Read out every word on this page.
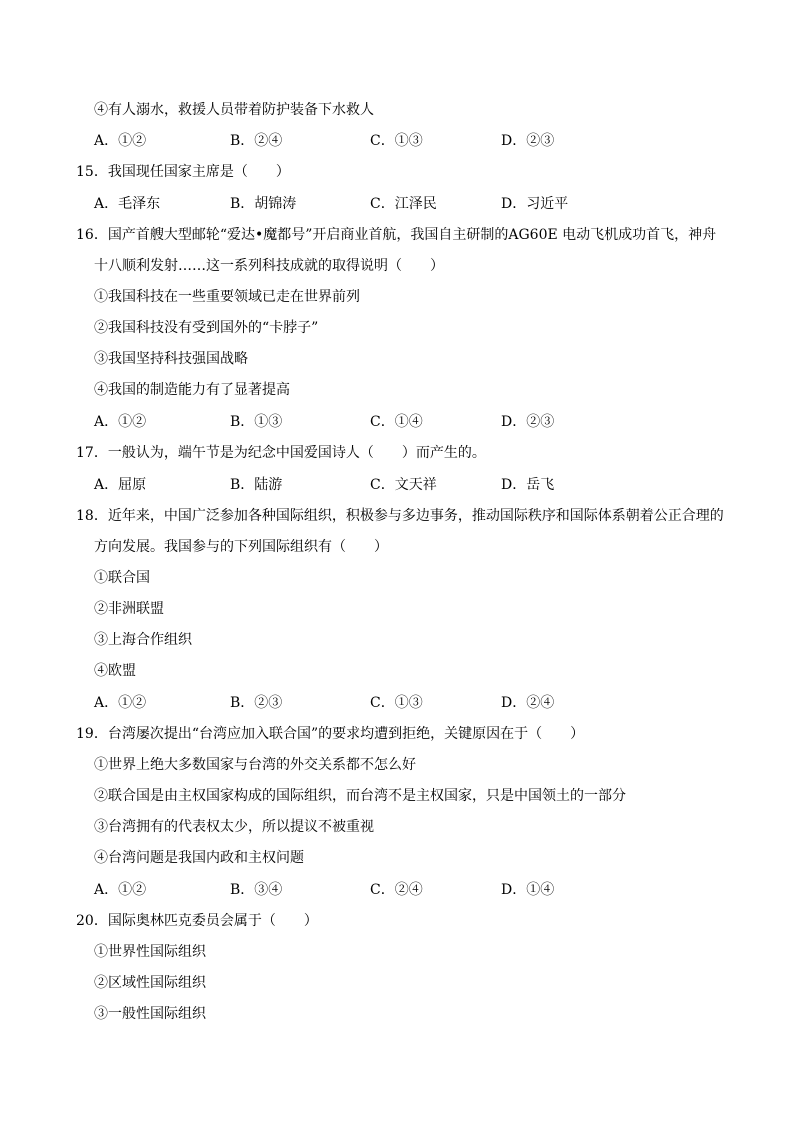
④有人溺水，救援人员带着防护装备下水救人
A．①②	B．②④	C．①③	D．②③
15．我国现任国家主席是（　　）
A．毛泽东	B．胡锦涛	C．江泽民	D．习近平
16．国产首艘大型邮轮“爱达•魔都号”开启商业首航，我国自主研制的AG60E 电动飞机成功首飞，神舟
十八顺利发射……这一系列科技成就的取得说明（　　）
①我国科技在一些重要领域已走在世界前列
②我国科技没有受到国外的“卡脖子”
③我国坚持科技强国战略
④我国的制造能力有了显著提高
A．①②	B．①③	C．①④	D．②③
17．一般认为，端午节是为纪念中国爱国诗人（　　）而产生的。
A．屈原	B．陆游	C．文天祥	D．岳飞
18．近年来，中国广泛参加各种国际组织，积极参与多边事务，推动国际秩序和国际体系朝着公正合理的
方向发展。我国参与的下列国际组织有（　　）
①联合国
②非洲联盟
③上海合作组织
④欧盟
A．①②	B．②③	C．①③	D．②④
19．台湾屡次提出“台湾应加入联合国”的要求均遭到拒绝，关键原因在于（　　）
①世界上绝大多数国家与台湾的外交关系都不怎么好
②联合国是由主权国家构成的国际组织，而台湾不是主权国家，只是中国领土的一部分
③台湾拥有的代表权太少，所以提议不被重视
④台湾问题是我国内政和主权问题
A．①②	B．③④	C．②④	D．①④
20．国际奥林匹克委员会属于（　　）
①世界性国际组织
②区域性国际组织
③一般性国际组织
